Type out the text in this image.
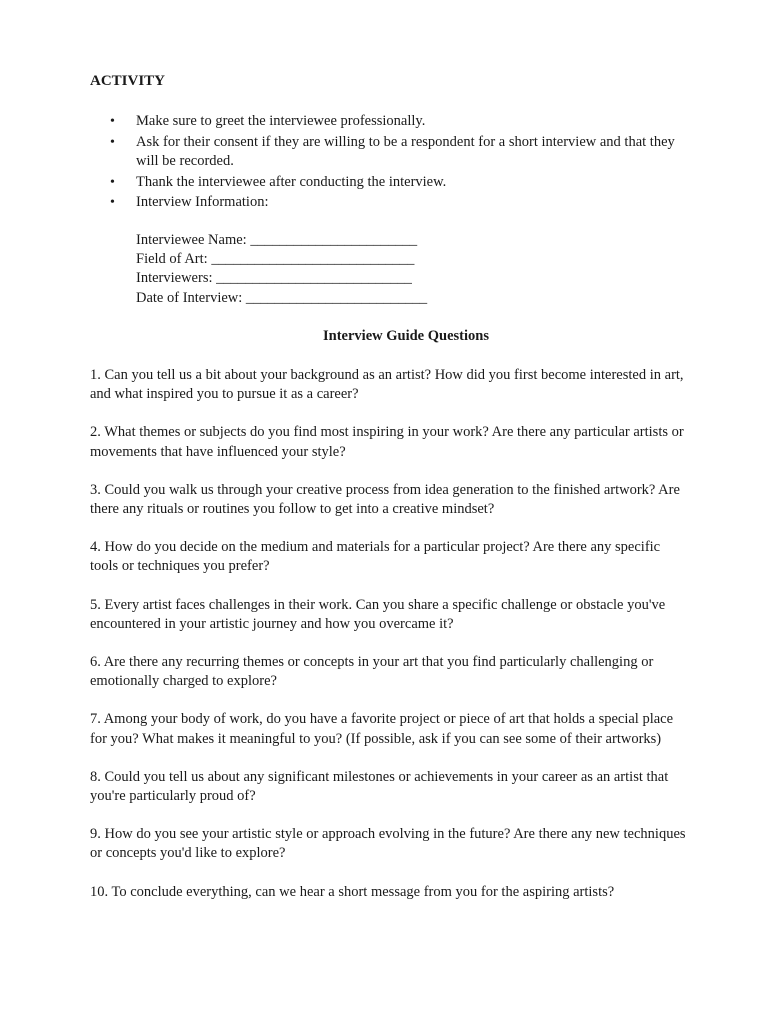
ACTIVITY
• Make sure to greet the interviewee professionally.
• Ask for their consent if they are willing to be a respondent for a short interview and that they will be recorded.
• Thank the interviewee after conducting the interview.
• Interview Information:
Interviewee Name: _______________________
Field of Art: ____________________________
Interviewers: ___________________________
Date of Interview: _________________________
Interview Guide Questions

1. Can you tell us a bit about your background as an artist? How did you first become interested in art, and what inspired you to pursue it as a career?

2. What themes or subjects do you find most inspiring in your work? Are there any particular artists or movements that have influenced your style?

3. Could you walk us through your creative process from idea generation to the finished artwork? Are there any rituals or routines you follow to get into a creative mindset?

4. How do you decide on the medium and materials for a particular project? Are there any specific tools or techniques you prefer?

5. Every artist faces challenges in their work. Can you share a specific challenge or obstacle you've encountered in your artistic journey and how you overcame it?

6. Are there any recurring themes or concepts in your art that you find particularly challenging or emotionally charged to explore?

7. Among your body of work, do you have a favorite project or piece of art that holds a special place for you? What makes it meaningful to you? (If possible, ask if you can see some of their artworks)

8. Could you tell us about any significant milestones or achievements in your career as an artist that you're particularly proud of?

9. How do you see your artistic style or approach evolving in the future? Are there any new techniques or concepts you'd like to explore?

10. To conclude everything, can we hear a short message from you for the aspiring artists?
